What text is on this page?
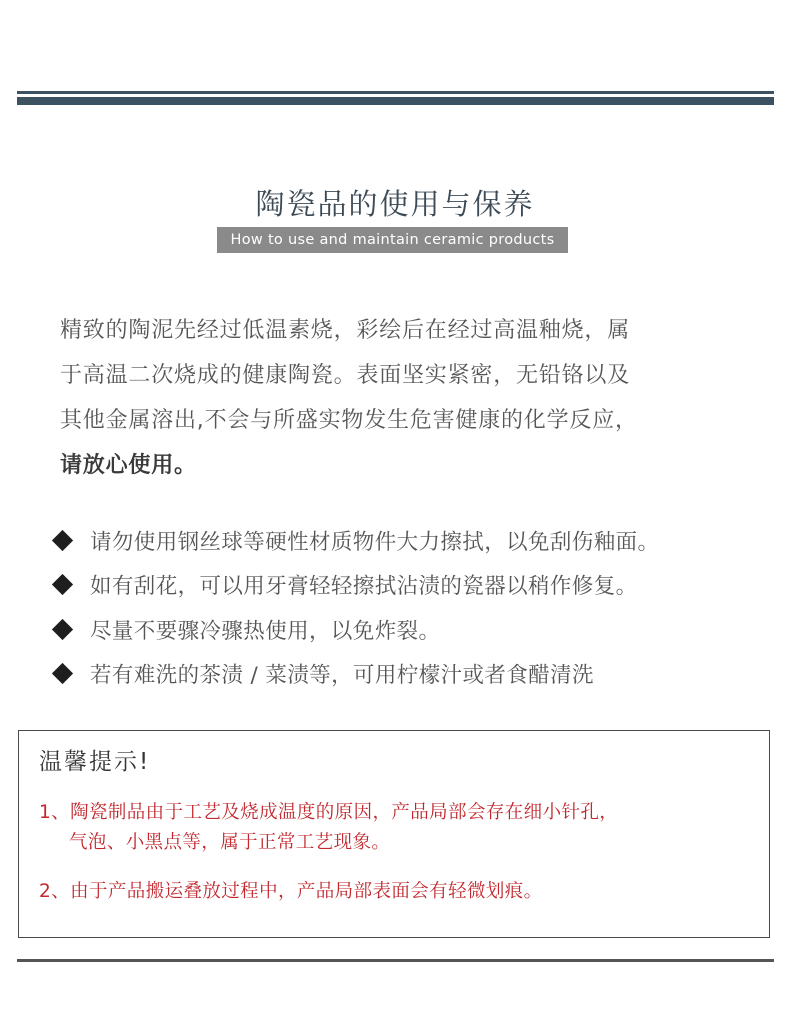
陶瓷品的使用与保养
How to use and maintain ceramic products
精致的陶泥先经过低温素烧，彩绘后在经过高温釉烧，属
于高温二次烧成的健康陶瓷。表面坚实紧密，无铅铬以及
其他金属溶出,不会与所盛实物发生危害健康的化学反应，
请放心使用。
请勿使用钢丝球等硬性材质物件大力擦拭，以免刮伤釉面。
如有刮花，可以用牙膏轻轻擦拭沾渍的瓷器以稍作修复。
尽量不要骤冷骤热使用，以免炸裂。
若有难洗的茶渍 / 菜渍等，可用柠檬汁或者食醋清洗
温馨提示!
1、陶瓷制品由于工艺及烧成温度的原因，产品局部会存在细小针孔，
气泡、小黑点等，属于正常工艺现象。
2、由于产品搬运叠放过程中，产品局部表面会有轻微划痕。
